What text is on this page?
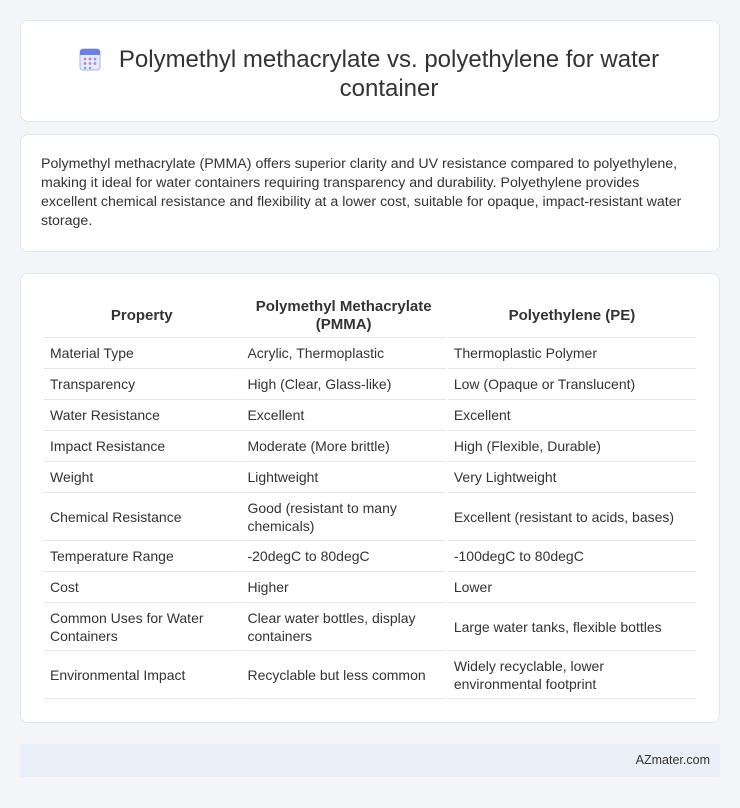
Polymethyl methacrylate vs. polyethylene for water container

Polymethyl methacrylate (PMMA) offers superior clarity and UV resistance compared to polyethylene, making it ideal for water containers requiring transparency and durability. Polyethylene provides excellent chemical resistance and flexibility at a lower cost, suitable for opaque, impact-resistant water storage.

Property	Polymethyl Methacrylate (PMMA)	Polyethylene (PE)
Material Type	Acrylic, Thermoplastic	Thermoplastic Polymer
Transparency	High (Clear, Glass-like)	Low (Opaque or Translucent)
Water Resistance	Excellent	Excellent
Impact Resistance	Moderate (More brittle)	High (Flexible, Durable)
Weight	Lightweight	Very Lightweight
Chemical Resistance	Good (resistant to many chemicals)	Excellent (resistant to acids, bases)
Temperature Range	-20degC to 80degC	-100degC to 80degC
Cost	Higher	Lower
Common Uses for Water Containers	Clear water bottles, display containers	Large water tanks, flexible bottles
Environmental Impact	Recyclable but less common	Widely recyclable, lower environmental footprint
AZmater.com
